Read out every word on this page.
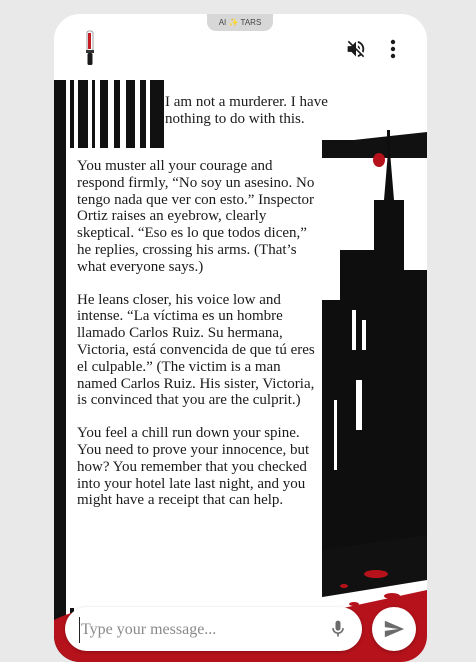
AI ✨ TARS
I am not a murderer. I have nothing to do with this.

You muster all your courage and respond firmly, “No soy un asesino. No tengo nada que ver con esto.” Inspector Ortiz raises an eyebrow, clearly skeptical. “Eso es lo que todos dicen,” he replies, crossing his arms. (That’s what everyone says.)

He leans closer, his voice low and intense. “La víctima es un hombre llamado Carlos Ruiz. Su hermana, Victoria, está convencida de que tú eres el culpable.” (The victim is a man named Carlos Ruiz. His sister, Victoria, is convinced that you are the culprit.)

You feel a chill run down your spine. You need to prove your innocence, but how? You remember that you checked into your hotel late last night, and you might have a receipt that can help.

Type your message...
